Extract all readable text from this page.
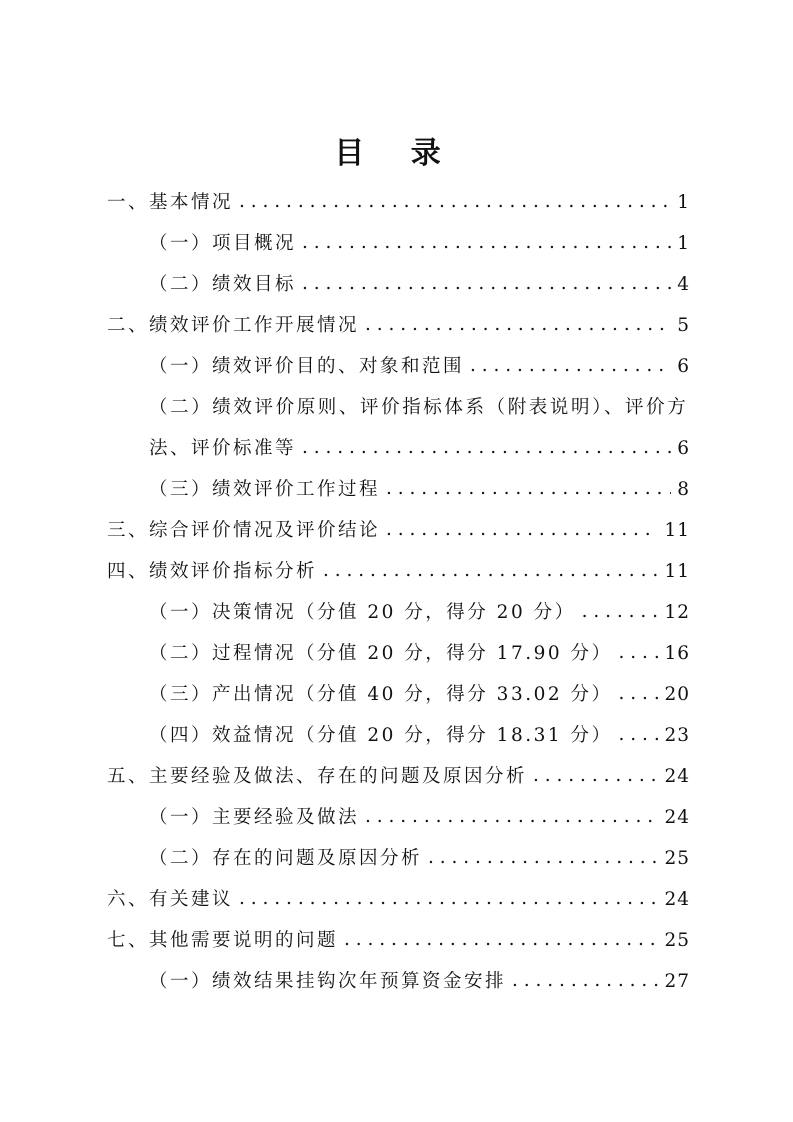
目 录
一、基本情况 . . .	1
（一）项目概况 . . .	1
（二）绩效目标 . . .	4
二、绩效评价工作开展情况 . . .	5
（一）绩效评价目的、对象和范围 . . .	6
（二）绩效评价原则、评价指标体系（附表说明）、评价方
法、评价标准等 . . .	6
（三）绩效评价工作过程 . . .	8
三、综合评价情况及评价结论 . . .	11
四、绩效评价指标分析 . . .	11
（一）决策情况（分值 20 分，得分 20 分） . . .	12
（二）过程情况（分值 20 分，得分 17.90 分） . . .	16
（三）产出情况（分值 40 分，得分 33.02 分） . . .	20
（四）效益情况（分值 20 分，得分 18.31 分） . . .	23
五、主要经验及做法、存在的问题及原因分析 . . .	24
（一）主要经验及做法 . . .	24
（二）存在的问题及原因分析 . . .	25
六、有关建议 . . .	24
七、其他需要说明的问题 . . .	25
（一）绩效结果挂钩次年预算资金安排 . . .	27
